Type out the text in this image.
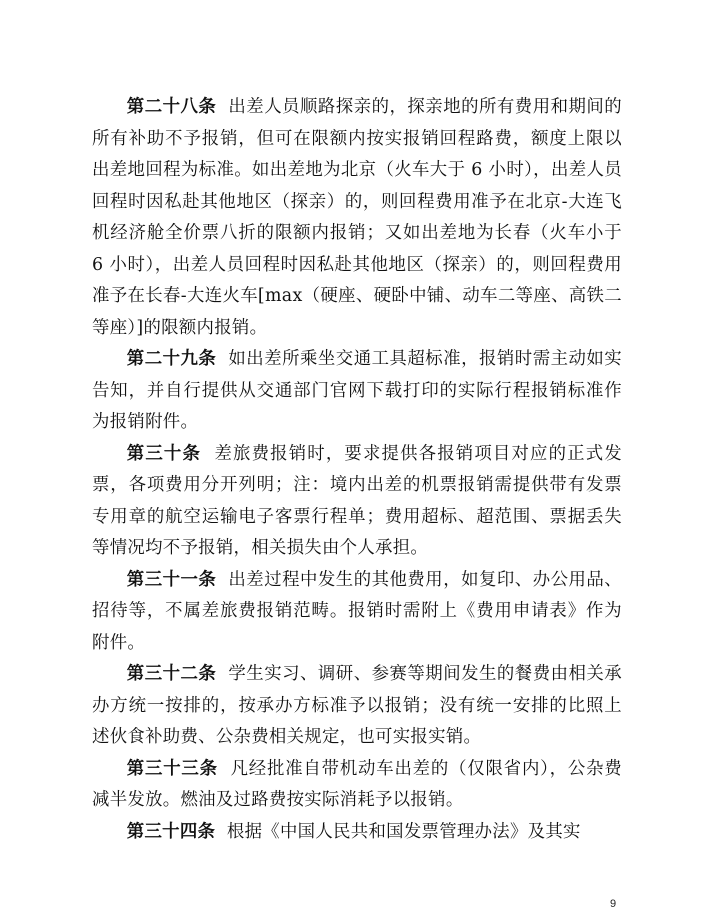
第二十八条 出差人员顺路探亲的，探亲地的所有费用和期间的所有补助不予报销，但可在限额内按实报销回程路费，额度上限以出差地回程为标准。如出差地为北京（火车大于 6 小时），出差人员回程时因私赴其他地区（探亲）的，则回程费用准予在北京-大连飞机经济舱全价票八折的限额内报销；又如出差地为长春（火车小于 6 小时），出差人员回程时因私赴其他地区（探亲）的，则回程费用准予在长春-大连火车[max（硬座、硬卧中铺、动车二等座、高铁二等座）]的限额内报销。

第二十九条 如出差所乘坐交通工具超标准，报销时需主动如实告知，并自行提供从交通部门官网下载打印的实际行程报销标准作为报销附件。

第三十条 差旅费报销时，要求提供各报销项目对应的正式发票，各项费用分开列明；注：境内出差的机票报销需提供带有发票专用章的航空运输电子客票行程单；费用超标、超范围、票据丢失等情况均不予报销，相关损失由个人承担。

第三十一条 出差过程中发生的其他费用，如复印、办公用品、招待等，不属差旅费报销范畴。报销时需附上《费用申请表》作为附件。

第三十二条 学生实习、调研、参赛等期间发生的餐费由相关承办方统一按排的，按承办方标准予以报销；没有统一安排的比照上述伙食补助费、公杂费相关规定，也可实报实销。

第三十三条 凡经批准自带机动车出差的（仅限省内），公杂费减半发放。燃油及过路费按实际消耗予以报销。

第三十四条 根据《中国人民共和国发票管理办法》及其实

9
